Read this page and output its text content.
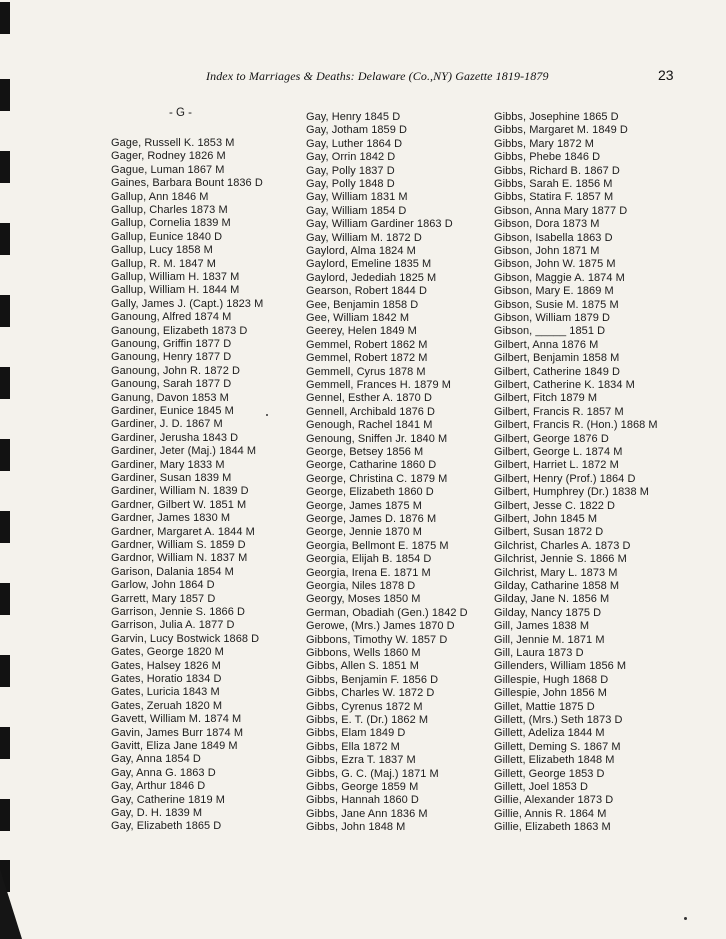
Index to Marriages & Deaths: Delaware (Co.,NY) Gazette 1819-1879	23
- G -
Gage, Russell K. 1853 M
Gager, Rodney 1826 M
Gague, Luman 1867 M
Gaines, Barbara Bount 1836 D
Gallup, Ann 1846 M
Gallup, Charles 1873 M
Gallup, Cornelia 1839 M
Gallup, Eunice 1840 D
Gallup, Lucy 1858 M
Gallup, R. M. 1847 M
Gallup, William H. 1837 M
Gallup, William H. 1844 M
Gally, James J. (Capt.) 1823 M
Ganoung, Alfred 1874 M
Ganoung, Elizabeth 1873 D
Ganoung, Griffin 1877 D
Ganoung, Henry 1877 D
Ganoung, John R. 1872 D
Ganoung, Sarah 1877 D
Ganung, Davon 1853 M
Gardiner, Eunice 1845 M
Gardiner, J. D. 1867 M
Gardiner, Jerusha 1843 D
Gardiner, Jeter (Maj.) 1844 M
Gardiner, Mary 1833 M
Gardiner, Susan 1839 M
Gardiner, William N. 1839 D
Gardner, Gilbert W. 1851 M
Gardner, James 1830 M
Gardner, Margaret A. 1844 M
Gardner, William S. 1859 D
Gardnor, William N. 1837 M
Garison, Dalania 1854 M
Garlow, John 1864 D
Garrett, Mary 1857 D
Garrison, Jennie S. 1866 D
Garrison, Julia A. 1877 D
Garvin, Lucy Bostwick 1868 D
Gates, George 1820 M
Gates, Halsey 1826 M
Gates, Horatio 1834 D
Gates, Luricia 1843 M
Gates, Zeruah 1820 M
Gavett, William M. 1874 M
Gavin, James Burr 1874 M
Gavitt, Eliza Jane 1849 M
Gay, Anna 1854 D
Gay, Anna G. 1863 D
Gay, Arthur 1846 D
Gay, Catherine 1819 M
Gay, D. H. 1839 M
Gay, Elizabeth 1865 D
Gay, Henry 1845 D
Gay, Jotham 1859 D
Gay, Luther 1864 D
Gay, Orrin 1842 D
Gay, Polly 1837 D
Gay, Polly 1848 D
Gay, William 1831 M
Gay, William 1854 D
Gay, William Gardiner 1863 D
Gay, William M. 1872 D
Gaylord, Alma 1824 M
Gaylord, Emeline 1835 M
Gaylord, Jedediah 1825 M
Gearson, Robert 1844 D
Gee, Benjamin 1858 D
Gee, William 1842 M
Geerey, Helen 1849 M
Gemmel, Robert 1862 M
Gemmel, Robert 1872 M
Gemmell, Cyrus 1878 M
Gemmell, Frances H. 1879 M
Gennel, Esther A. 1870 D
Gennell, Archibald 1876 D
Genough, Rachel 1841 M
Genoung, Sniffen Jr. 1840 M
George, Betsey 1856 M
George, Catharine 1860 D
George, Christina C. 1879 M
George, Elizabeth 1860 D
George, James 1875 M
George, James D. 1876 M
George, Jennie 1870 M
Georgia, Bellmont E. 1875 M
Georgia, Elijah B. 1854 D
Georgia, Irena E. 1871 M
Georgia, Niles 1878 D
Georgy, Moses 1850 M
German, Obadiah (Gen.) 1842 D
Gerowe, (Mrs.) James 1870 D
Gibbons, Timothy W. 1857 D
Gibbons, Wells 1860 M
Gibbs, Allen S. 1851 M
Gibbs, Benjamin F. 1856 D
Gibbs, Charles W. 1872 D
Gibbs, Cyrenus 1872 M
Gibbs, E. T. (Dr.) 1862 M
Gibbs, Elam 1849 D
Gibbs, Ella 1872 M
Gibbs, Ezra T. 1837 M
Gibbs, G. C. (Maj.) 1871 M
Gibbs, George 1859 M
Gibbs, Hannah 1860 D
Gibbs, Jane Ann 1836 M
Gibbs, John 1848 M
Gibbs, Josephine 1865 D
Gibbs, Margaret M. 1849 D
Gibbs, Mary 1872 M
Gibbs, Phebe 1846 D
Gibbs, Richard B. 1867 D
Gibbs, Sarah E. 1856 M
Gibbs, Statira F. 1857 M
Gibson, Anna Mary 1877 D
Gibson, Dora 1873 M
Gibson, Isabella 1863 D
Gibson, John 1871 M
Gibson, John W. 1875 M
Gibson, Maggie A. 1874 M
Gibson, Mary E. 1869 M
Gibson, Susie M. 1875 M
Gibson, William 1879 D
Gibson, _____ 1851 D
Gilbert, Anna 1876 M
Gilbert, Benjamin 1858 M
Gilbert, Catherine 1849 D
Gilbert, Catherine K. 1834 M
Gilbert, Fitch 1879 M
Gilbert, Francis R. 1857 M
Gilbert, Francis R. (Hon.) 1868 M
Gilbert, George 1876 D
Gilbert, George L. 1874 M
Gilbert, Harriet L. 1872 M
Gilbert, Henry (Prof.) 1864 D
Gilbert, Humphrey (Dr.) 1838 M
Gilbert, Jesse C. 1822 D
Gilbert, John 1845 M
Gilbert, Susan 1872 D
Gilchrist, Charles A. 1873 D
Gilchrist, Jennie S. 1866 M
Gilchrist, Mary L. 1873 M
Gilday, Catharine 1858 M
Gilday, Jane N. 1856 M
Gilday, Nancy 1875 D
Gill, James 1838 M
Gill, Jennie M. 1871 M
Gill, Laura 1873 D
Gillenders, William 1856 M
Gillespie, Hugh 1868 D
Gillespie, John 1856 M
Gillet, Mattie 1875 D
Gillett, (Mrs.) Seth 1873 D
Gillett, Adeliza 1844 M
Gillett, Deming S. 1867 M
Gillett, Elizabeth 1848 M
Gillett, George 1853 D
Gillett, Joel 1853 D
Gillie, Alexander 1873 D
Gillie, Annis R. 1864 M
Gillie, Elizabeth 1863 M
